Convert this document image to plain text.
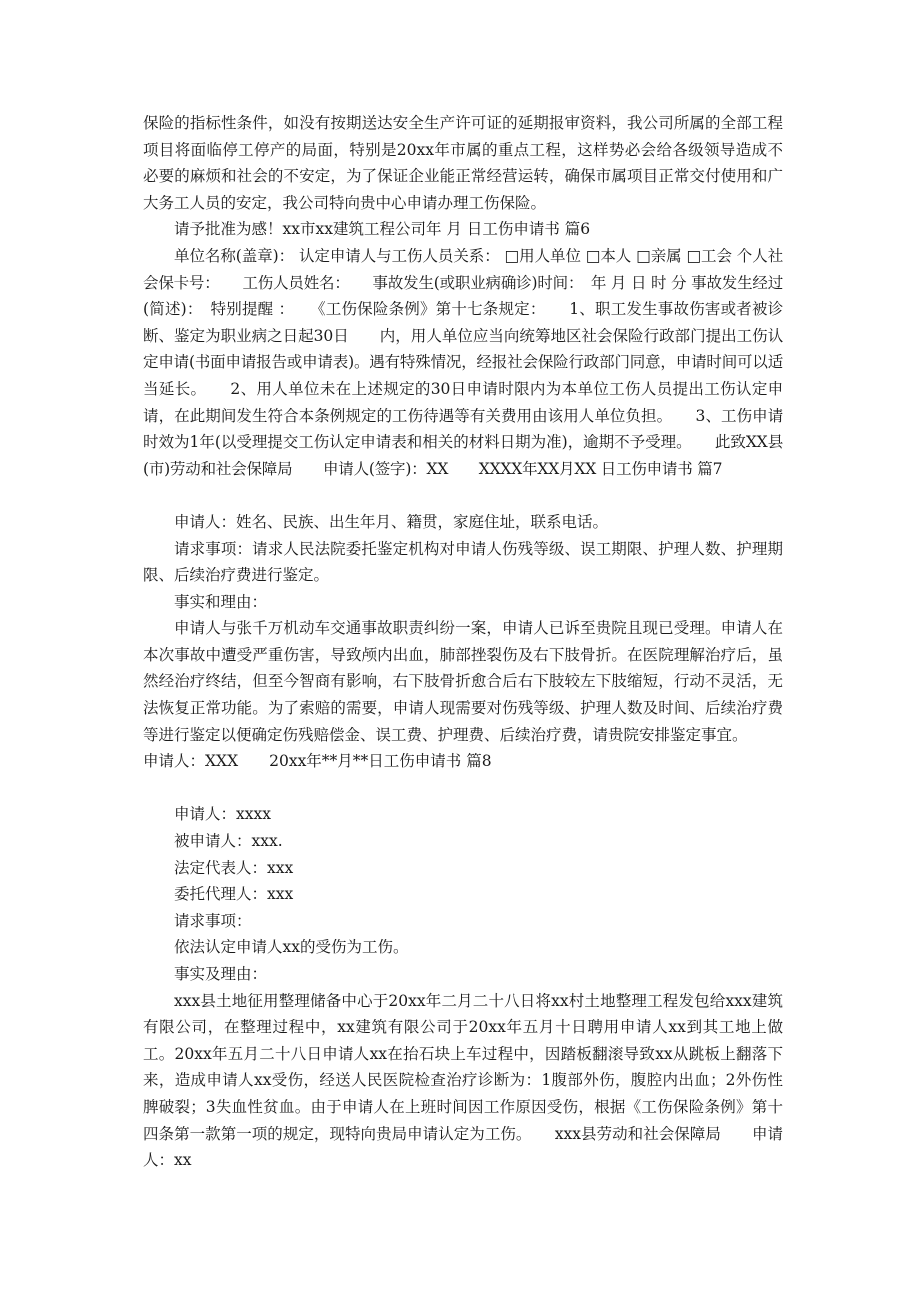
保险的指标性条件，如没有按期送达安全生产许可证的延期报审资料，我公司所属的全部工程项目将面临停工停产的局面，特别是20xx年市属的重点工程，这样势必会给各级领导造成不必要的麻烦和社会的不安定，为了保证企业能正常经营运转，确保市属项目正常交付使用和广大务工人员的安定，我公司特向贵中心申请办理工伤保险。

请予批准为感！xx市xx建筑工程公司年 月 日工伤申请书 篇6

单位名称(盖章)： 认定申请人与工伤人员关系： □用人单位 □本人 □亲属 □工会 个人社会保卡号：　　工伤人员姓名：　　事故发生(或职业病确诊)时间：　年 月 日 时 分 事故发生经过(简述)：　特别提醒 ：　　《工伤保险条例》第十七条规定：　　1、职工发生事故伤害或者被诊断、鉴定为职业病之日起30日　　内，用人单位应当向统筹地区社会保险行政部门提出工伤认定申请(书面申请报告或申请表)。遇有特殊情况，经报社会保险行政部门同意，申请时间可以适当延长。　　2、用人单位未在上述规定的30日申请时限内为本单位工伤人员提出工伤认定申请，在此期间发生符合本条例规定的工伤待遇等有关费用由该用人单位负担。　　3、工伤申请时效为1年(以受理提交工伤认定申请表和相关的材料日期为准)，逾期不予受理。　　此致XX县(市)劳动和社会保障局　　申请人(签字)：XX　　XXXX年XX月XX 日工伤申请书 篇7

申请人：姓名、民族、出生年月、籍贯，家庭住址，联系电话。

请求事项：请求人民法院委托鉴定机构对申请人伤残等级、误工期限、护理人数、护理期限、后续治疗费进行鉴定。

事实和理由：

申请人与张千万机动车交通事故职责纠纷一案，申请人已诉至贵院且现已受理。申请人在本次事故中遭受严重伤害，导致颅内出血，肺部挫裂伤及右下肢骨折。在医院理解治疗后，虽然经治疗终结，但至今智商有影响，右下肢骨折愈合后右下肢较左下肢缩短，行动不灵活，无法恢复正常功能。为了索赔的需要，申请人现需要对伤残等级、护理人数及时间、后续治疗费等进行鉴定以便确定伤残赔偿金、误工费、护理费、后续治疗费，请贵院安排鉴定事宜。

申请人：XXX　　20xx年**月**日工伤申请书 篇8

申请人：xxxx

被申请人：xxx.

法定代表人：xxx

委托代理人：xxx

请求事项：

依法认定申请人xx的受伤为工伤。

事实及理由：

xxx县土地征用整理储备中心于20xx年二月二十八日将xx村土地整理工程发包给xxx建筑有限公司，在整理过程中，xx建筑有限公司于20xx年五月十日聘用申请人xx到其工地上做工。20xx年五月二十八日申请人xx在抬石块上车过程中，因踏板翻滚导致xx从跳板上翻落下来，造成申请人xx受伤，经送人民医院检查治疗诊断为：1腹部外伤，腹腔内出血；2外伤性脾破裂；3失血性贫血。由于申请人在上班时间因工作原因受伤，根据《工伤保险条例》第十四条第一款第一项的规定，现特向贵局申请认定为工伤。　　xxx县劳动和社会保障局　　申请人：xx
